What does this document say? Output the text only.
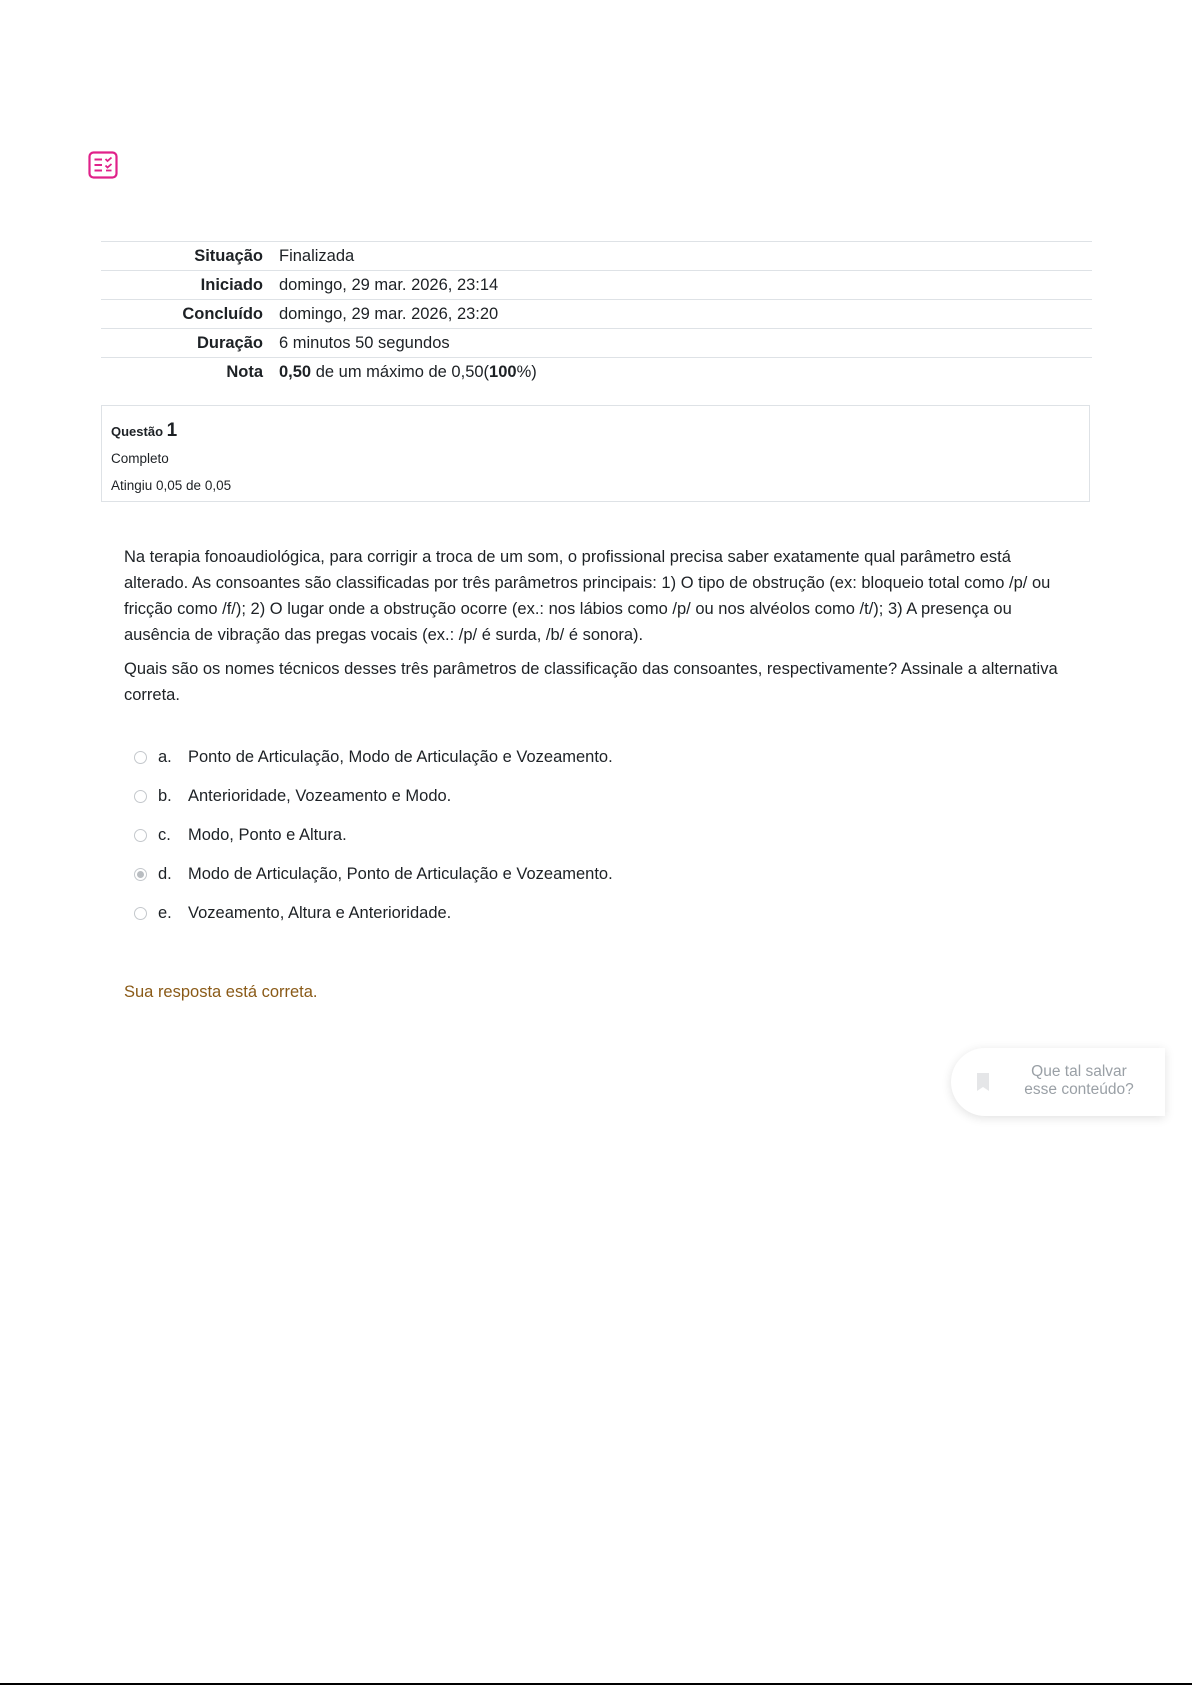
Situação	Finalizada
Iniciado	domingo, 29 mar. 2026, 23:14
Concluído	domingo, 29 mar. 2026, 23:20
Duração	6 minutos 50 segundos
Nota	0,50 de um máximo de 0,50(100%)
Questão 1
Completo
Atingiu 0,05 de 0,05

Na terapia fonoaudiológica, para corrigir a troca de um som, o profissional precisa saber exatamente qual parâmetro está alterado. As consoantes são classificadas por três parâmetros principais: 1) O tipo de obstrução (ex: bloqueio total como /p/ ou fricção como /f/); 2) O lugar onde a obstrução ocorre (ex.: nos lábios como /p/ ou nos alvéolos como /t/); 3) A presença ou ausência de vibração das pregas vocais (ex.: /p/ é surda, /b/ é sonora).

Quais são os nomes técnicos desses três parâmetros de classificação das consoantes, respectivamente? Assinale a alternativa correta.

a. Ponto de Articulação, Modo de Articulação e Vozeamento.
b. Anterioridade, Vozeamento e Modo.
c.	Modo, Ponto e Altura.
d. Modo de Articulação, Ponto de Articulação e Vozeamento.
e. Vozeamento, Altura e Anterioridade.
Sua resposta está correta.
Que tal salvar
esse conteúdo?
